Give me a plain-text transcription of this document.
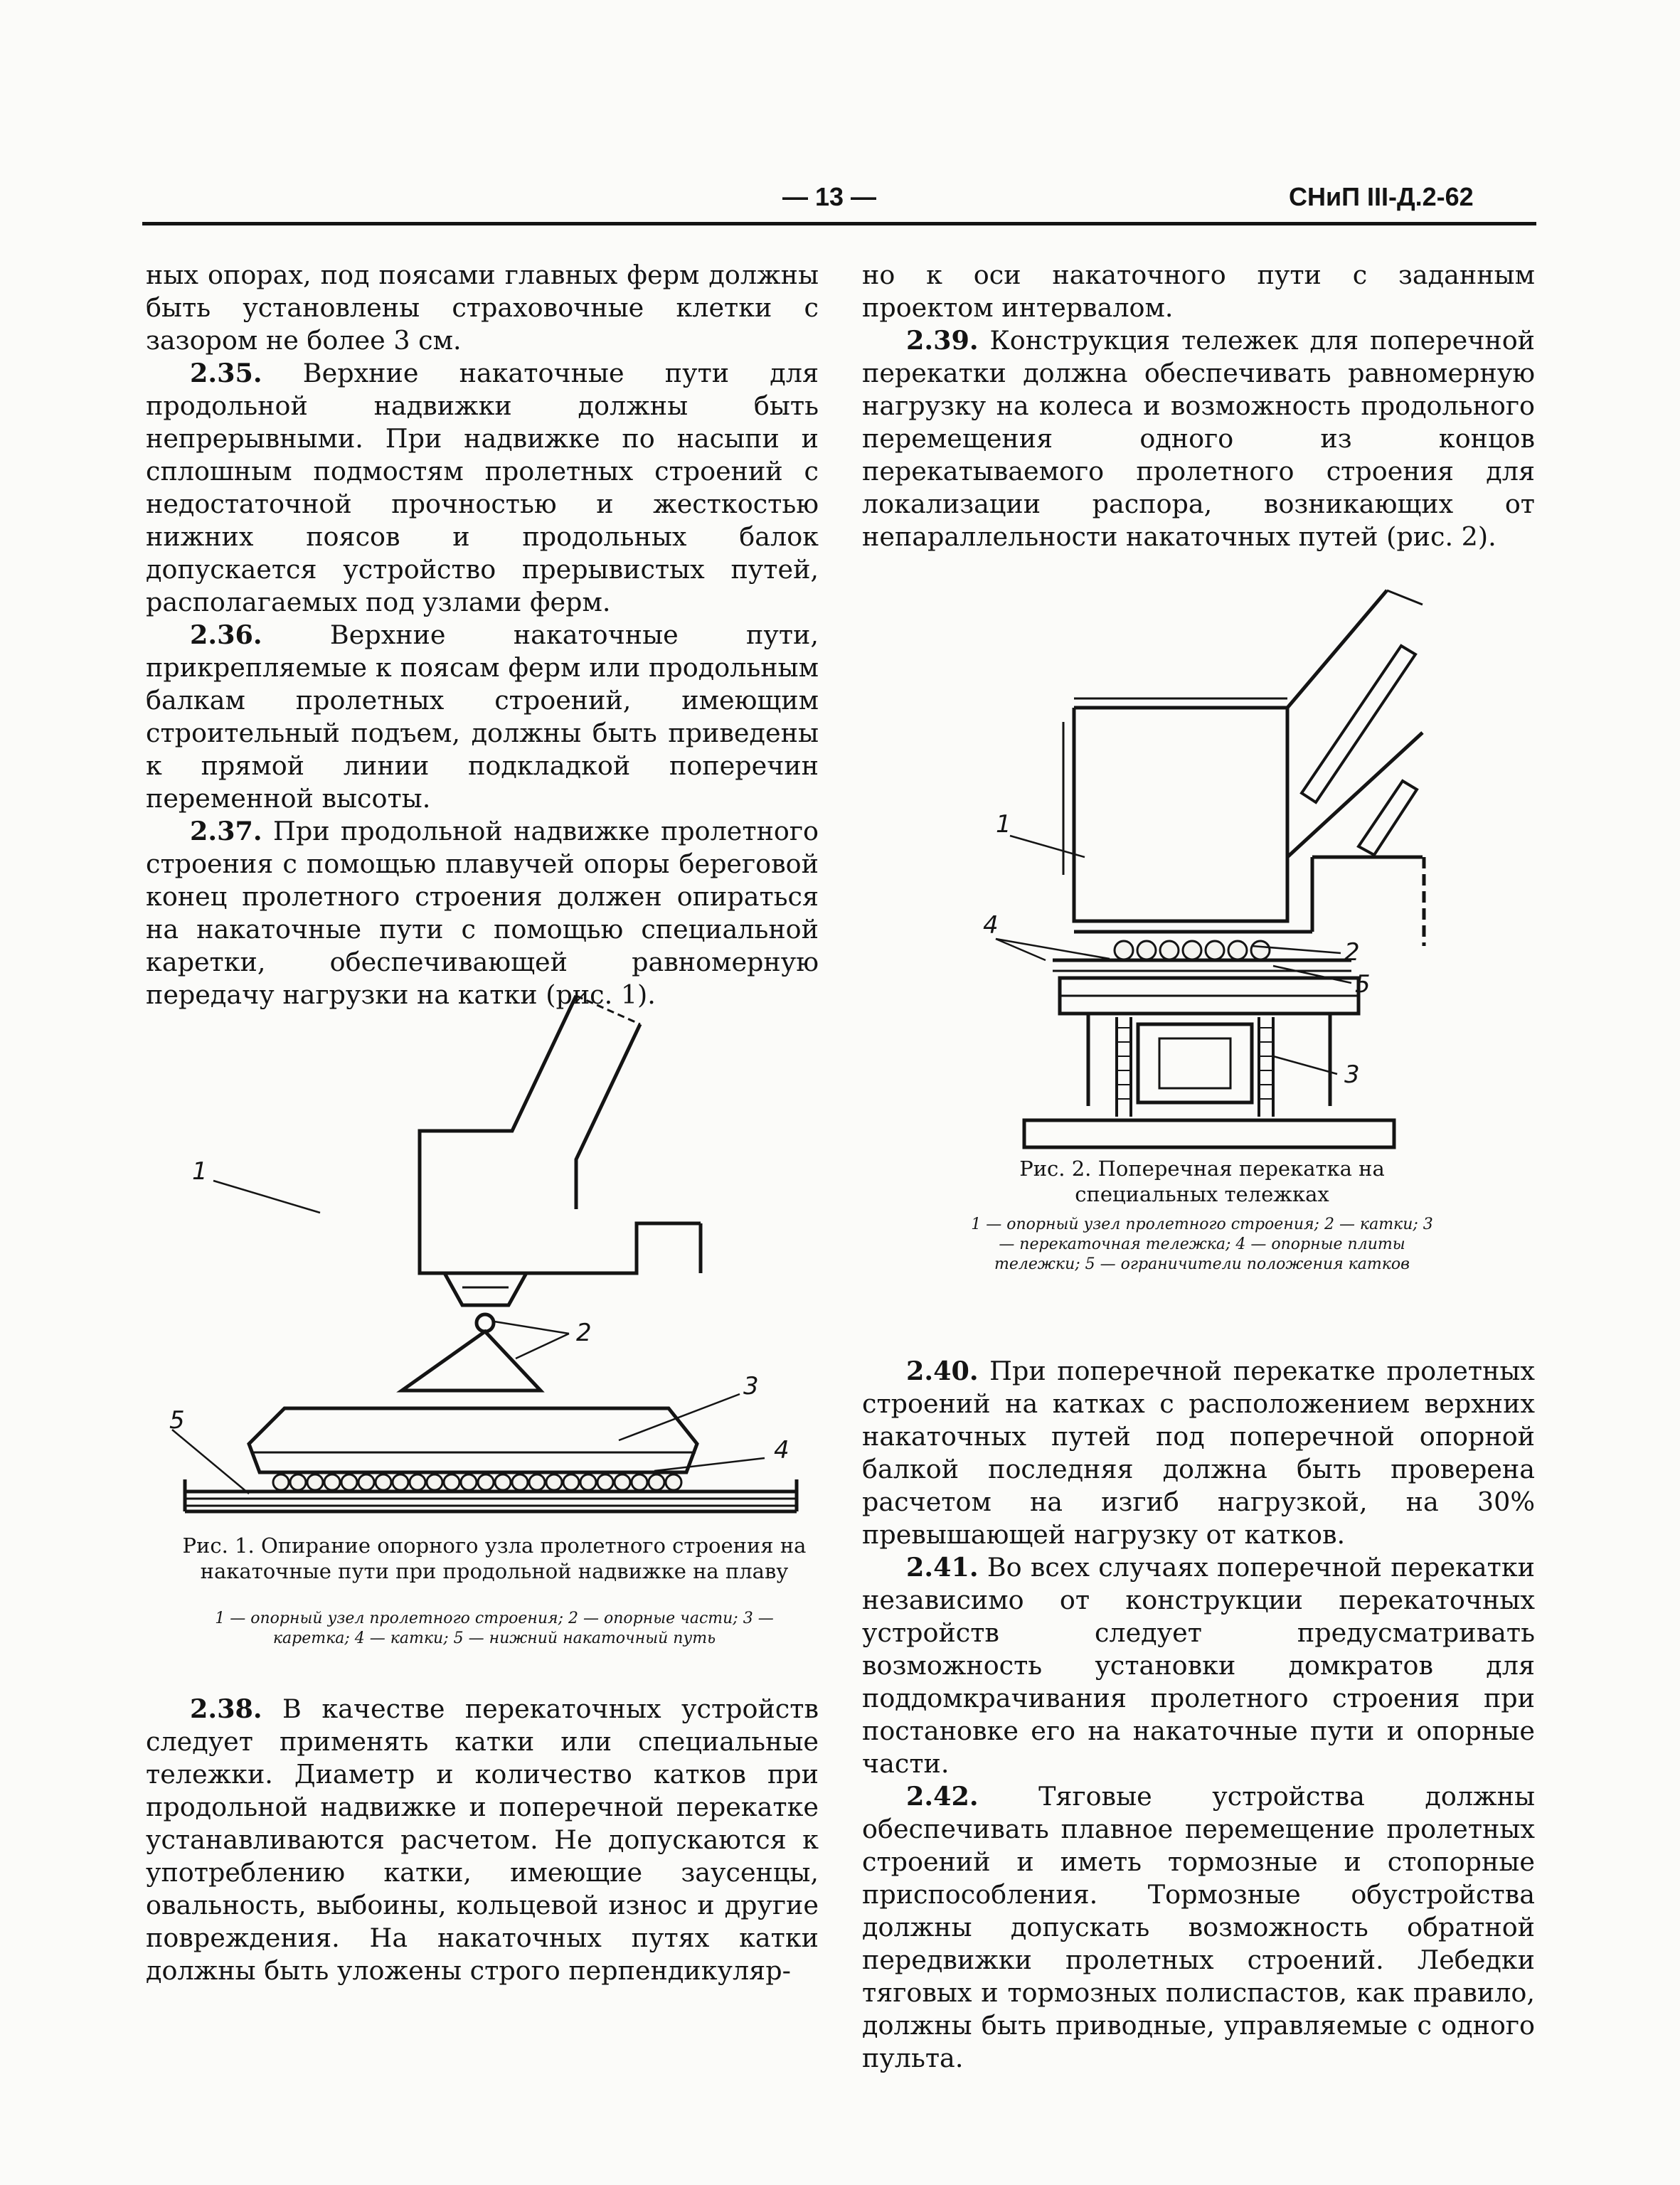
— 13 —	СНиП III-Д.2-62

ных опорах, под поясами главных ферм должны быть установлены страховочные клетки с зазором не более 3 см.

2.35. Верхние накаточные пути для продольной надвижки должны быть непрерывными. При надвижке по насыпи и сплошным подмостям пролетных строений с недостаточной прочностью и жесткостью нижних поясов и продольных балок допускается устройство прерывистых путей, располагаемых под узлами ферм.

2.36. Верхние накаточные пути, прикрепляемые к поясам ферм или продольным балкам пролетных строений, имеющим строительный подъем, должны быть приведены к прямой линии подкладкой поперечин переменной высоты.

2.37. При продольной надвижке пролетного строения с помощью плавучей опоры береговой конец пролетного строения должен опираться на накаточные пути с помощью специальной каретки, обеспечивающей равномерную передачу нагрузки на катки (рис. 1).

1
2
3
4
5
Рис. 1. Опирание опорного узла пролетного строения на накаточные пути при продольной надвижке на плаву
1 — опорный узел пролетного строения; 2 — опорные части; 3 — каретка; 4 — катки; 5 — нижний накаточный путь

2.38. В качестве перекаточных устройств следует применять катки или специальные тележки. Диаметр и количество катков при продольной надвижке и поперечной перекатке устанавливаются расчетом. Не допускаются к употреблению катки, имеющие заусенцы, овальность, выбоины, кольцевой износ и другие повреждения. На накаточных путях катки должны быть уложены строго перпендикуляр-

но к оси накаточного пути с заданным проектом интервалом.

2.39. Конструкция тележек для поперечной перекатки должна обеспечивать равномерную нагрузку на колеса и возможность продольного перемещения одного из концов перекатываемого пролетного строения для локализации распора, возникающих от непараллельности накаточных путей (рис. 2).

1
2
3
4
5
Рис. 2. Поперечная перекатка на специальных тележках
1 — опорный узел пролетного строения; 2 — катки; 3 — перекаточная тележка; 4 — опорные плиты тележки; 5 — ограничители положения катков

2.40. При поперечной перекатке пролетных строений на катках с расположением верхних накаточных путей под поперечной опорной балкой последняя должна быть проверена расчетом на изгиб нагрузкой, на 30% превышающей нагрузку от катков.

2.41. Во всех случаях поперечной перекатки независимо от конструкции перекаточных устройств следует предусматривать возможность установки домкратов для поддомкрачивания пролетного строения при постановке его на накаточные пути и опорные части.

2.42. Тяговые устройства должны обеспечивать плавное перемещение пролетных строений и иметь тормозные и стопорные приспособления. Тормозные обустройства должны допускать возможность обратной передвижки пролетных строений. Лебедки тяговых и тормозных полиспастов, как правило, должны быть приводные, управляемые с одного пульта.
